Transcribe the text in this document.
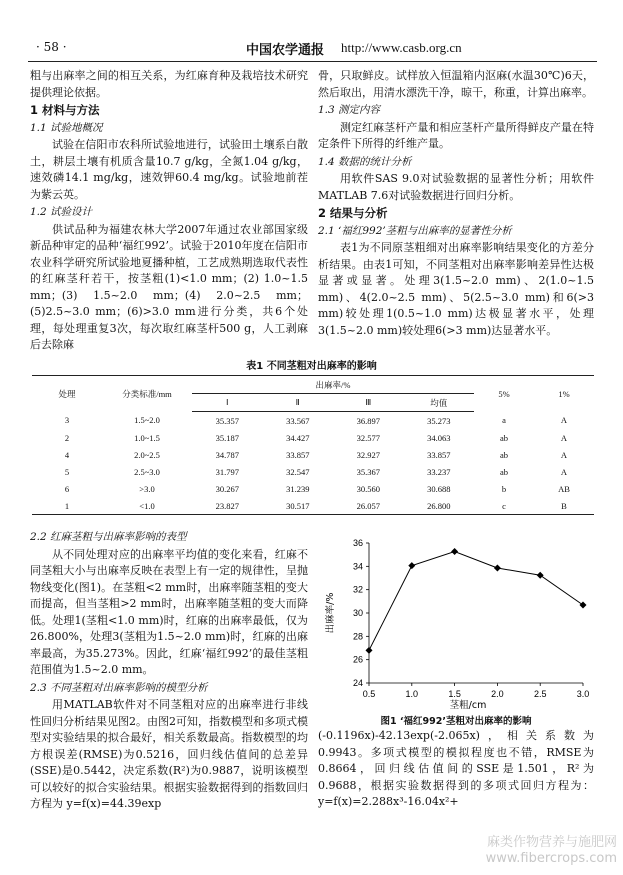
· 58 ·	中国农学通报 http://www.casb.org.cn

粗与出麻率之间的相互关系，为红麻育种及栽培技术研究提供理论依据。

1 材料与方法
1.1 试验地概况

试验在信阳市农科所试验地进行，试验田土壤系白散土，耕层土壤有机质含量10.7 g/kg，全氮1.04 g/kg，速效磷14.1 mg/kg，速效钾60.4 mg/kg。试验地前茬为紫云英。

1.2 试验设计

供试品种为福建农林大学2007年通过农业部国家级新品种审定的品种‘福红992’。试验于2010年度在信阳市农业科学研究所试验地夏播种植，工艺成熟期选取代表性的红麻茎秆若干，按茎粗(1)<1.0 mm；(2) 1.0~1.5 mm；(3) 1.5~2.0 mm；(4) 2.0~2.5 mm；(5)2.5~3.0 mm；(6)>3.0 mm进行分类，共6个处理，每处理重复3次，每次取红麻茎杆500 g，人工剥麻后去除麻

骨，只取鲜皮。试样放入恒温箱内沤麻(水温30℃)6天，然后取出，用清水漂洗干净，晾干，称重，计算出麻率。

1.3 测定内容

测定红麻茎杆产量和相应茎杆产量所得鲜皮产量在特定条件下所得的纤维产量。

1.4 数据的统计分析

用软件SAS 9.0对试验数据的显著性分析；用软件MATLAB 7.6对试验数据进行回归分析。

2 结果与分析
2.1 ‘福红992’茎粗与出麻率的显著性分析

表1为不同原茎粗细对出麻率影响结果变化的方差分析结果。由表1可知，不同茎粗对出麻率影响差异性达极显著或显著。处理3(1.5~2.0 mm)、2(1.0~1.5 mm)、4(2.0~2.5 mm)、5(2.5~3.0 mm)和6(>3 mm)较处理1(0.5~1.0 mm)达极显著水平，处理3(1.5~2.0 mm)较处理6(>3 mm)达显著水平。

表1 不同茎粗对出麻率的影响
处理	分类标准/mm	出麻率/%				5%	1%
		Ⅰ	Ⅱ	Ⅲ	均值		
3	1.5~2.0	35.357	33.567	36.897	35.273	a	A
2	1.0~1.5	35.187	34.427	32.577	34.063	ab	A
4	2.0~2.5	34.787	33.857	32.927	33.857	ab	A
5	2.5~3.0	31.797	32.547	35.367	33.237	ab	A
6	>3.0	30.267	31.239	30.560	30.688	b	AB
1	<1.0	23.827	30.517	26.057	26.800	c	B
2.2 红麻茎粗与出麻率影响的表型

从不同处理对应的出麻率平均值的变化来看，红麻不同茎粗大小与出麻率反映在表型上有一定的规律性，呈抛物线变化(图1)。在茎粗<2 mm时，出麻率随茎粗的变大而提高，但当茎粗>2 mm时，出麻率随茎粗的变大而降低。处理1(茎粗<1.0 mm)时，红麻的出麻率最低，仅为26.800%，处理3(茎粗为1.5~2.0 mm)时，红麻的出麻率最高，为35.273%。因此，红麻‘福红992’的最佳茎粗范围值为1.5~2.0 mm。

2.3 不同茎粗对出麻率影响的模型分析

用MATLAB软件对不同茎粗对应的出麻率进行非线性回归分析结果见图2。由图2可知，指数模型和多项式模型对实验结果的拟合最好，相关系数最高。指数模型的均方根误差(RMSE)为0.5216，回归线估值间的总差异(SSE)是0.5442，决定系数(R²)为0.9887，说明该模型可以较好的拟合实验结果。根据实验数据得到的指数回归方程为 y=f(x)=44.39exp

24
26
28
30
32
34
36
0.5	1.0	1.5	2.0	2.5	3.0
出麻率/%
茎粗/cm
图1 ‘福红992’茎粗对出麻率的影响

(-0.1196x)-42.13exp(-2.065x)，相关系数为0.9943。多项式模型的模拟程度也不错，RMSE为0.8664，回归线估值间的SSE是1.501，R²为0.9688，根据实验数据得到的多项式回归方程为：y=f(x)=2.288x³-16.04x²+

麻类作物营养与施肥网
www.fibercrops.com
